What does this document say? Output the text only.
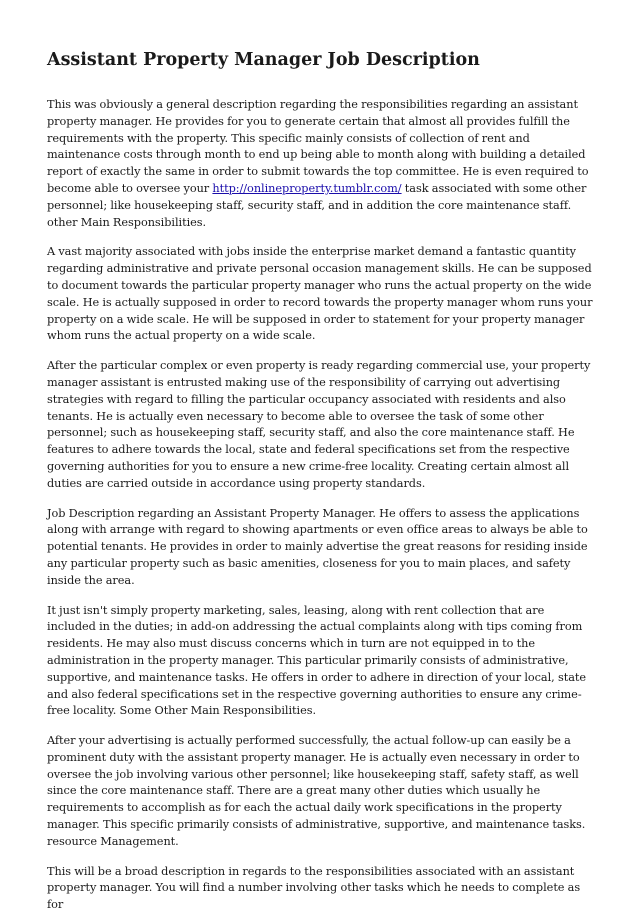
Assistant Property Manager Job Description

This was obviously a general description regarding the responsibilities regarding an assistant property manager. He provides for you to generate certain that almost all provides fulfill the requirements with the property. This specific mainly consists of collection of rent and maintenance costs through month to end up being able to month along with building a detailed report of exactly the same in order to submit towards the top committee. He is even required to become able to oversee your http://onlineproperty.tumblr.com/ task associated with some other personnel; like housekeeping staff, security staff, and in addition the core maintenance staff. other Main Responsibilities.

A vast majority associated with jobs inside the enterprise market demand a fantastic quantity regarding administrative and private personal occasion management skills. He can be supposed to document towards the particular property manager who runs the actual property on the wide scale. He is actually supposed in order to record towards the property manager whom runs your property on a wide scale. He will be supposed in order to statement for your property manager whom runs the actual property on a wide scale.

After the particular complex or even property is ready regarding commercial use, your property manager assistant is entrusted making use of the responsibility of carrying out advertising strategies with regard to filling the particular occupancy associated with residents and also tenants. He is actually even necessary to become able to oversee the task of some other personnel; such as housekeeping staff, security staff, and also the core maintenance staff. He features to adhere towards the local, state and federal specifications set from the respective governing authorities for you to ensure a new crime-free locality. Creating certain almost all duties are carried outside in accordance using property standards.

Job Description regarding an Assistant Property Manager. He offers to assess the applications along with arrange with regard to showing apartments or even office areas to always be able to potential tenants. He provides in order to mainly advertise the great reasons for residing inside any particular property such as basic amenities, closeness for you to main places, and safety inside the area.

It just isn't simply property marketing, sales, leasing, along with rent collection that are included in the duties; in add-on addressing the actual complaints along with tips coming from residents. He may also must discuss concerns which in turn are not equipped in to the administration in the property manager. This particular primarily consists of administrative, supportive, and maintenance tasks. He offers in order to adhere in direction of your local, state and also federal specifications set in the respective governing authorities to ensure any crime-free locality. Some Other Main Responsibilities.

After your advertising is actually performed successfully, the actual follow-up can easily be a prominent duty with the assistant property manager. He is actually even necessary in order to oversee the job involving various other personnel; like housekeeping staff, safety staff, as well since the core maintenance staff. There are a great many other duties which usually he requirements to accomplish as for each the actual daily work specifications in the property manager. This specific primarily consists of administrative, supportive, and maintenance tasks. resource Management.

This will be a broad description in regards to the responsibilities associated with an assistant property manager. You will find a number involving other tasks which he needs to complete as for
